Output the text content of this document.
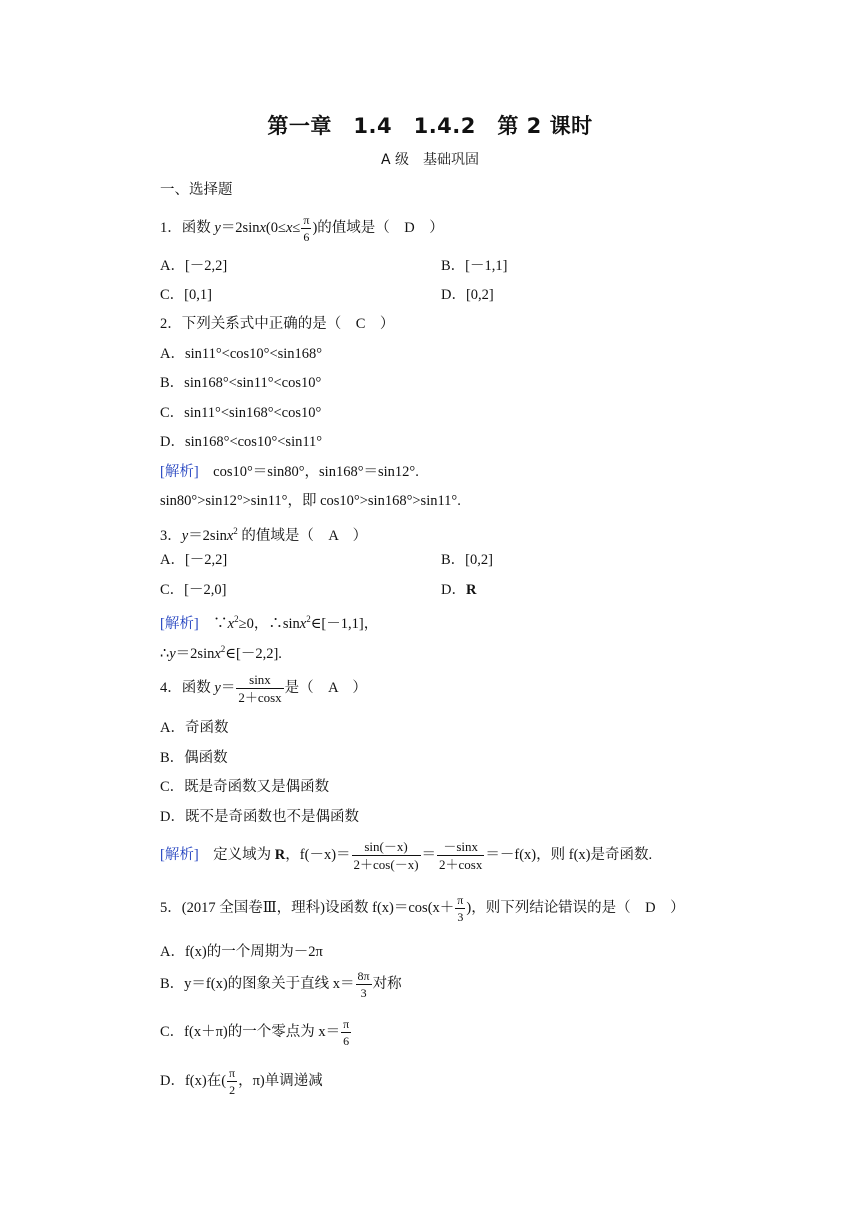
第一章　1.4　1.4.2　第 2 课时
A 级　基础巩固
一、选择题
1．函数 $y=2\sin x(0\le x\le \frac{\pi}{6}$ )的值域是（　D　）
A．[－2,2]	B．[－1,1]
C．[0,1]	D．[0,2]
2．下列关系式中正确的是（　C　）
A．sin11°<cos10°<sin168°
B．sin168°<sin11°<cos10°
C．sin11°<sin168°<cos10°
D．sin168°<cos10°<sin11°
[解析]　cos10°＝sin80°，sin168°＝sin12°.
sin80°>sin12°>sin11°，即 cos10°>sin168°>sin11°.
3．y＝2sinx$^2$ 的值域是（　A　）
A．[－2,2]	B．[0,2]
C．[－2,0]	D．R
[解析]　$\because x^2\ge 0$，∴sinx$^2$∈[－1,1]，
∴y＝2sinx$^2$∈[－2,2].
4．函数 $y= \frac{\sin x}{2+\cos x}$ 是（　A　）
A．奇函数
B．偶函数
C．既是奇函数又是偶函数
D．既不是奇函数也不是偶函数
[解析]　定义域为 R，$f(-x)= \frac{\sin(-x)}{2+\cos(-x)} = \frac{-\sin x}{2+\cos x} =-f(x)$，则 f(x)是奇函数.
5．(2017 全国卷Ⅲ，理科)设函数 $f(x)=\cos(x+ \frac{\pi}{3}$ )，则下列结论错误的是（　D　）
A．f(x)的一个周期为－2π
B．y＝f(x)的图象关于直线 $x= \frac{8\pi}{3}$ 对称
C．f(x＋π)的一个零点为 $x= \frac{\pi}{6}$
D．f(x)在( $\frac{\pi}{2}$ ，π)单调递减
